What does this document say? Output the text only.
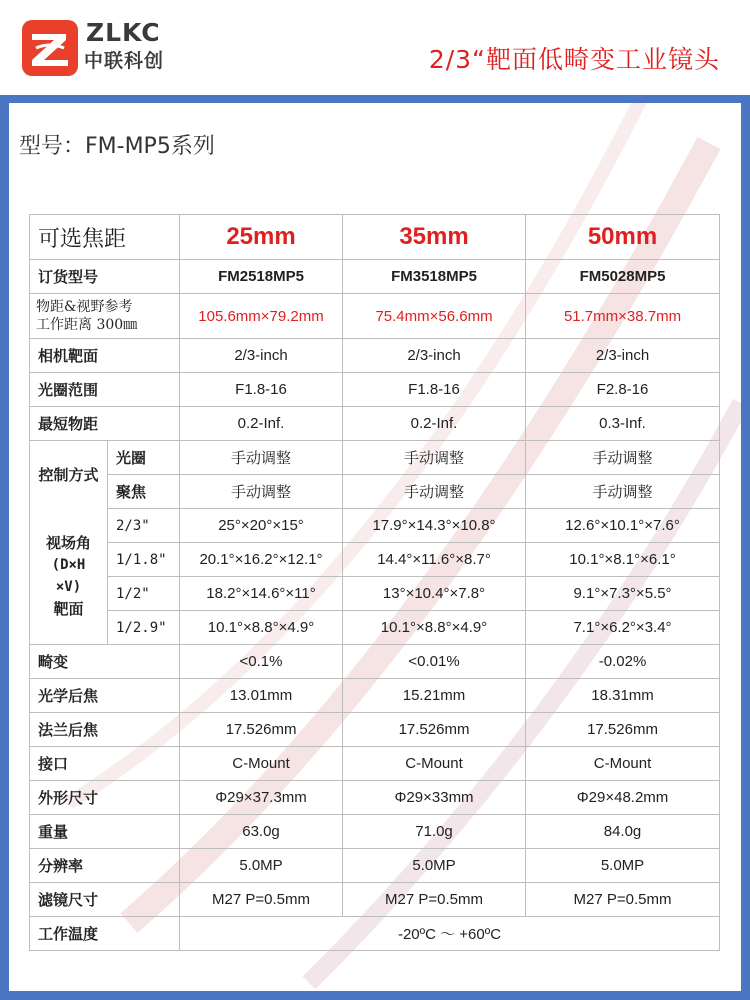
ZLKC
中联科创	2/3“靶面低畸变工业镜头
型号：FM-MP5系列
可选焦距		25mm	35mm	50mm
订货型号		FM2518MP5	FM3518MP5	FM5028MP5

物距&视野参考
工作距离 300㎜		105.6mm×79.2mm	75.4mm×56.6mm	51.7mm×38.7mm
相机靶面		2/3-inch	2/3-inch	2/3-inch
光圈范围		F1.8-16	F1.8-16	F2.8-16
最短物距		0.2-Inf.	0.2-Inf.	0.3-Inf.
控制方式	光圈	手动调整	手动调整	手动调整
	聚焦	手动调整	手动调整	手动调整

视场角
(D×H
×V)
靶面	2/3"	25°×20°×15°	17.9°×14.3°×10.8°	12.6°×10.1°×7.6°
	1/1.8"	20.1°×16.2°×12.1°	14.4°×11.6°×8.7°	10.1°×8.1°×6.1°
	1/2"	18.2°×14.6°×11°	13°×10.4°×7.8°	9.1°×7.3°×5.5°
	1/2.9"	10.1°×8.8°×4.9°	10.1°×8.8°×4.9°	7.1°×6.2°×3.4°
畸变		<0.1%	<0.01%	-0.02%
光学后焦		13.01mm	15.21mm	18.31mm
法兰后焦		17.526mm	17.526mm	17.526mm
接口		C-Mount	C-Mount	C-Mount
外形尺寸		Φ29×37.3mm	Φ29×33mm	Φ29×48.2mm
重量		63.0g	71.0g	84.0g
分辨率		5.0MP	5.0MP	5.0MP
滤镜尺寸		M27 P=0.5mm	M27 P=0.5mm	M27 P=0.5mm
工作温度		-20ºC ～ +60ºC		
